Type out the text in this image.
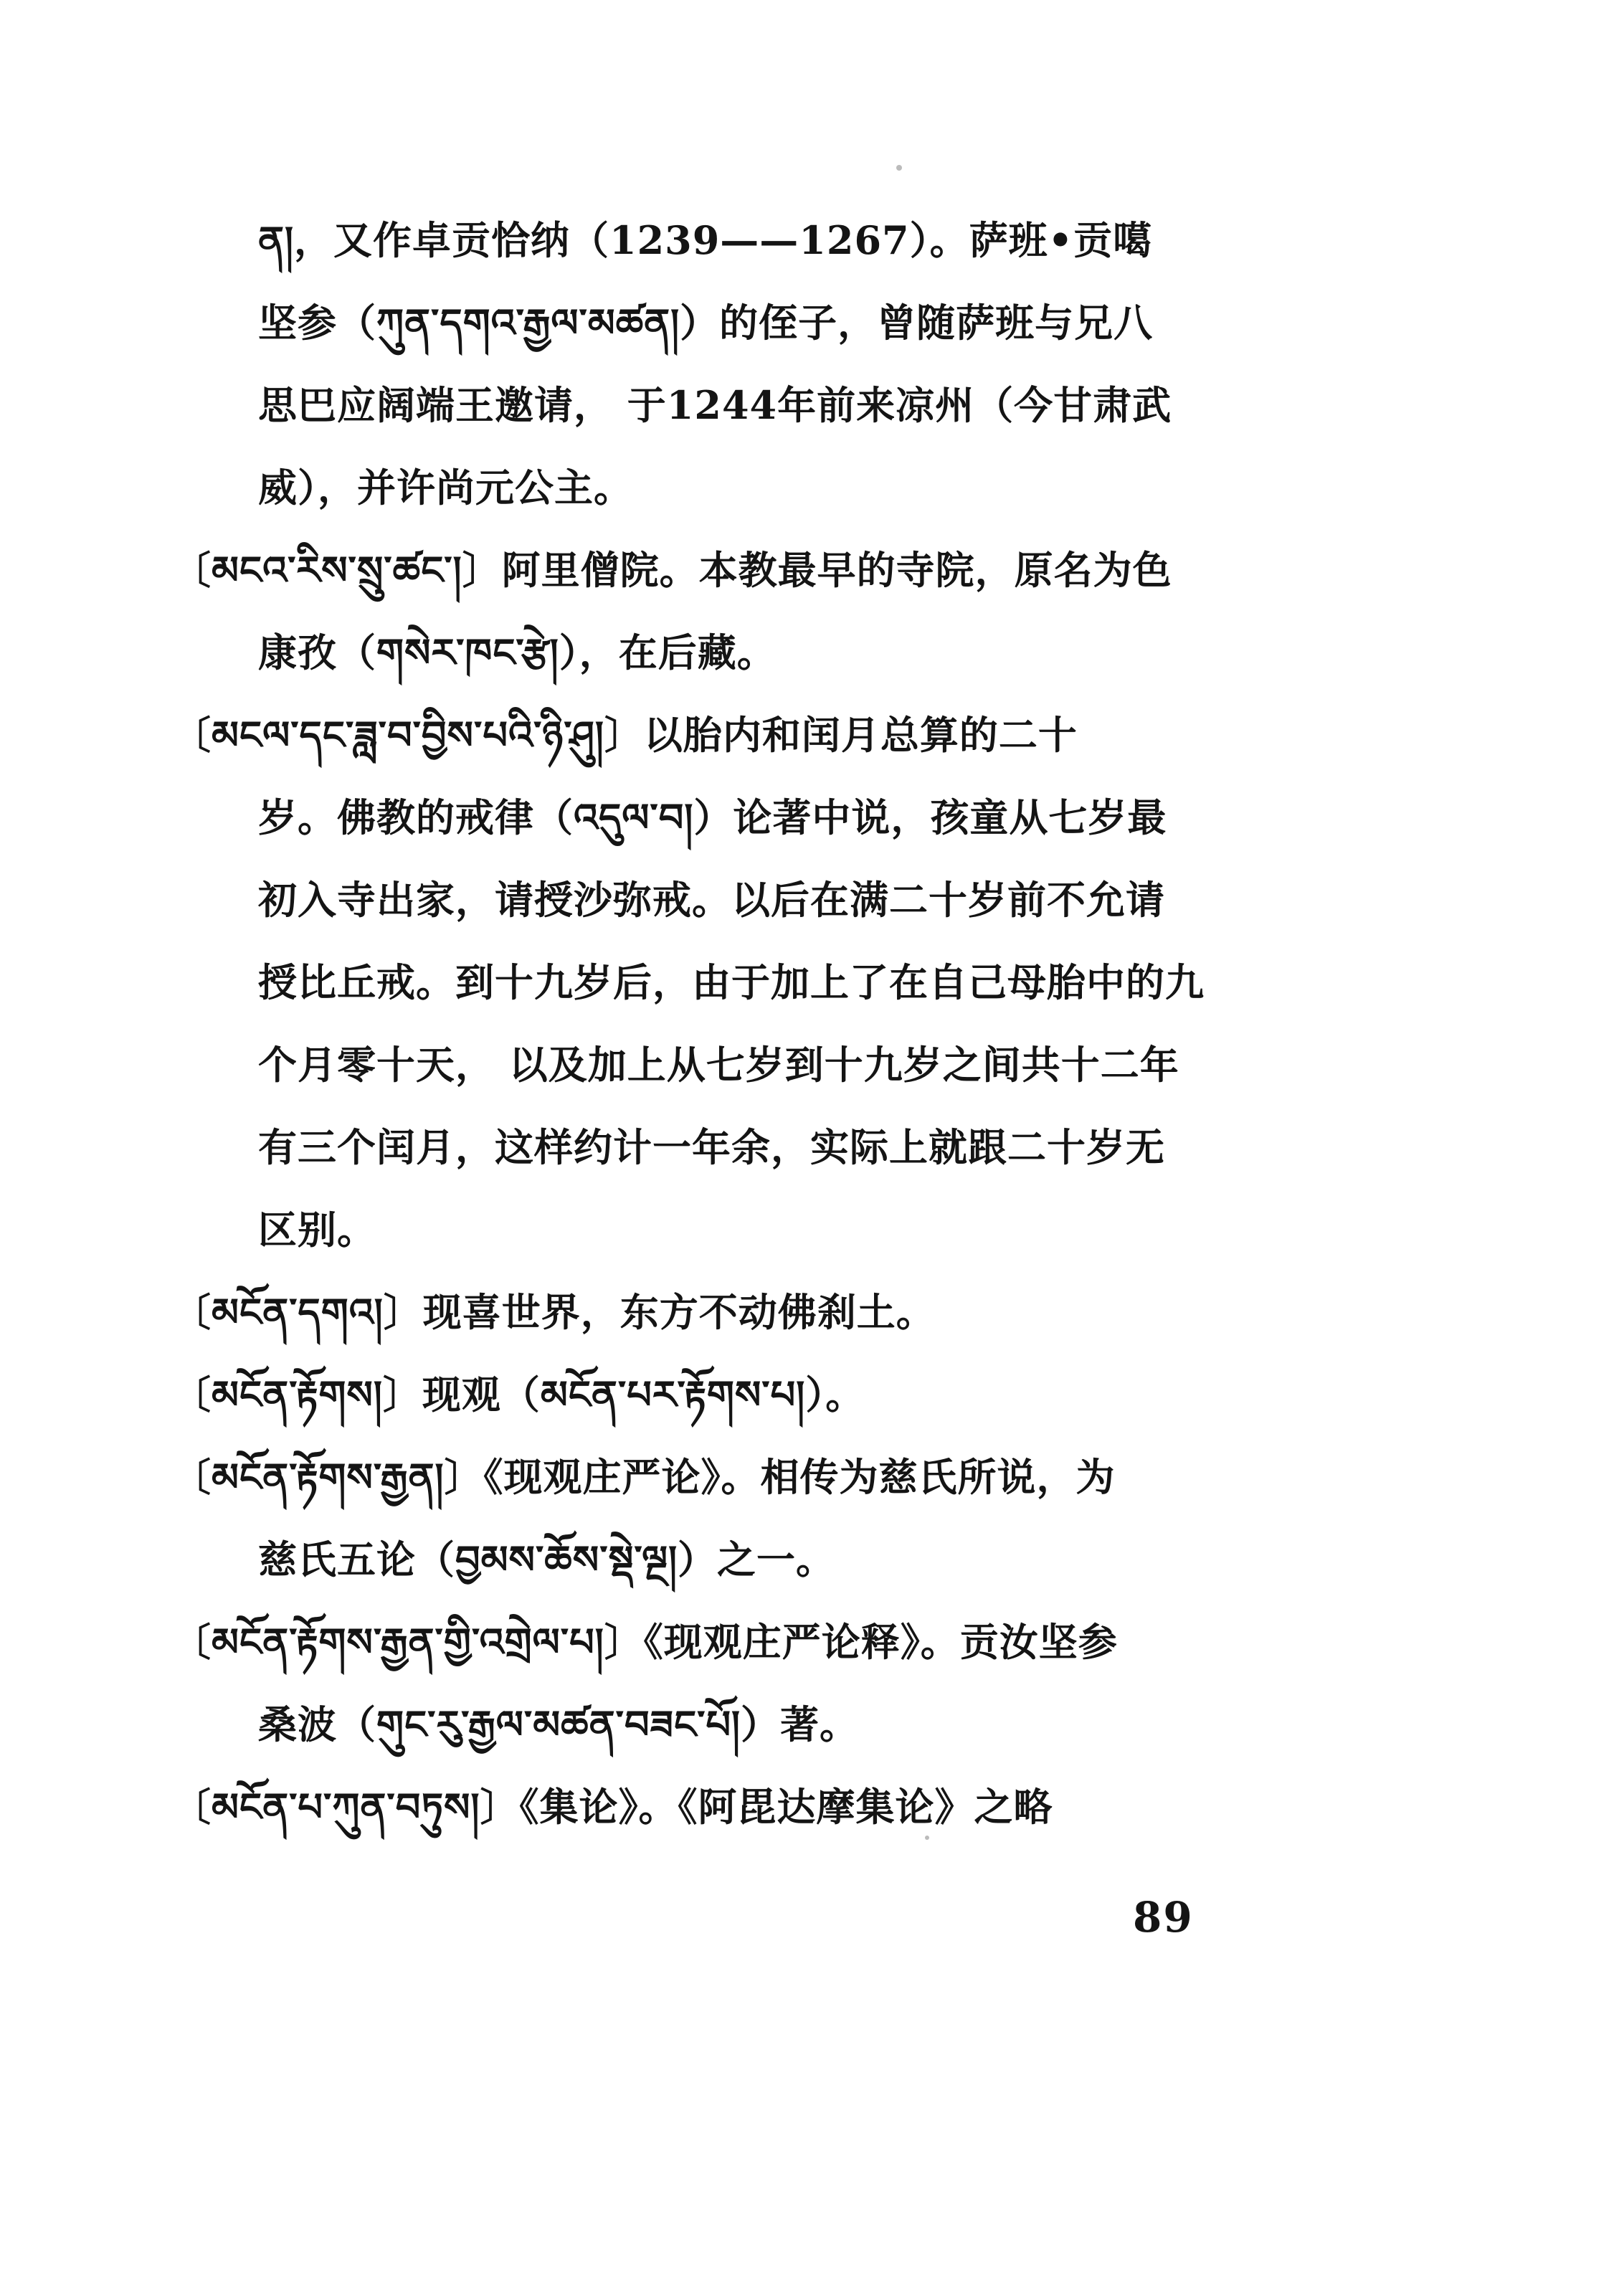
ན།，又作卓贡恰纳（1239——1267）。萨班•贡噶
坚参（ཀུན་དགའ་རྒྱལ་མཚན།）的侄子，曾随萨班与兄八
思巴应阔端王邀请， 于1244年前来凉州（今甘肃武
威），并许尚元公主。
〔མངའ་རིས་སྲུ་ཚང་།〕阿里僧院。本教最早的寺院，原名为色
康孜（གསེར་ཁང་རྩེ།），在后藏。
〔མངལ་དང་ཟླ་བ་བྱིས་པའི་ཉི་ཤུ།〕以胎内和闰月总算的二十
岁。佛教的戒律（འདུལ་བ།）论著中说，孩童从七岁最
初入寺出家，请授沙弥戒。以后在满二十岁前不允请
授比丘戒。到十九岁后，由于加上了在自己母胎中的九
个月零十天， 以及加上从七岁到十九岁之间共十二年
有三个闰月，这样约计一年余，实际上就跟二十岁无
区别。
〔མངོན་དགའ།〕现喜世界，东方不动佛刹土。
〔མངོན་རྟོགས།〕现观（མངོན་པར་རྟོགས་པ།）。
〔མངོན་རྟོགས་རྒྱན།〕《现观庄严论》。相传为慈氏所说，为
慈氏五论（བྱམས་ཆོས་སྡེ་ལྔ།）之一。
〔མངོན་རྟོགས་རྒྱན་གྱི་འགྲེལ་པ།〕《现观庄严论释》。贡汝坚参
桑波（གུང་རུ་རྒྱལ་མཚན་བཟང་པོ།）著。
〔མངོན་པ་ཀུན་བཏུས།〕《集论》。《阿毘达摩集论》之略
89
